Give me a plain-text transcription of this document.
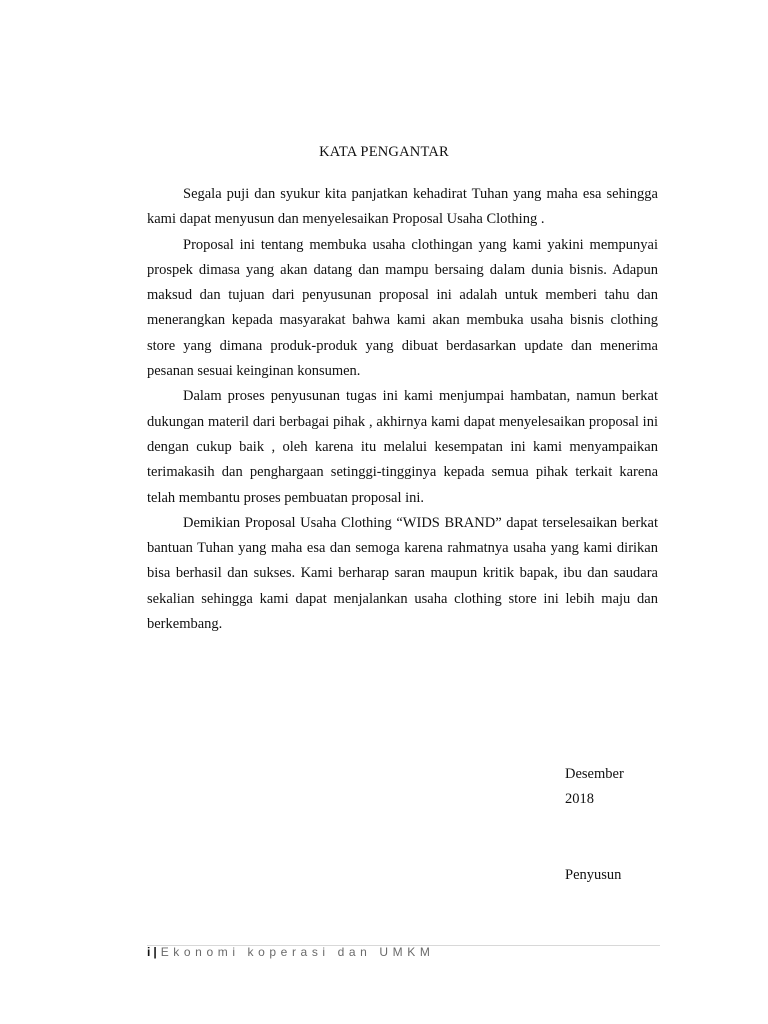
KATA PENGANTAR

Segala puji dan syukur kita panjatkan kehadirat Tuhan yang maha esa sehingga kami dapat menyusun dan menyelesaikan Proposal Usaha Clothing .

Proposal ini tentang membuka usaha clothingan yang kami yakini mempunyai prospek dimasa yang akan datang dan mampu bersaing dalam dunia bisnis. Adapun maksud dan tujuan dari penyusunan proposal ini adalah untuk memberi tahu dan menerangkan kepada masyarakat bahwa kami akan membuka usaha bisnis clothing store yang dimana produk-produk yang dibuat berdasarkan update dan menerima pesanan sesuai keinginan konsumen.

Dalam proses penyusunan tugas ini kami menjumpai hambatan, namun berkat dukungan materil dari berbagai pihak , akhirnya kami dapat menyelesaikan proposal ini dengan cukup baik , oleh karena itu melalui kesempatan ini kami menyampaikan terimakasih dan penghargaan setinggi-tingginya kepada semua pihak terkait karena telah membantu proses pembuatan proposal ini.

Demikian Proposal Usaha Clothing “WIDS BRAND” dapat terselesaikan berkat bantuan Tuhan yang maha esa dan semoga karena rahmatnya usaha yang kami dirikan bisa berhasil dan sukses. Kami berharap saran maupun kritik bapak, ibu dan saudara sekalian sehingga kami dapat menjalankan usaha clothing store ini lebih maju dan berkembang.

Desember
2018
Penyusun
i | Ekonomi koperasi dan UMKM
